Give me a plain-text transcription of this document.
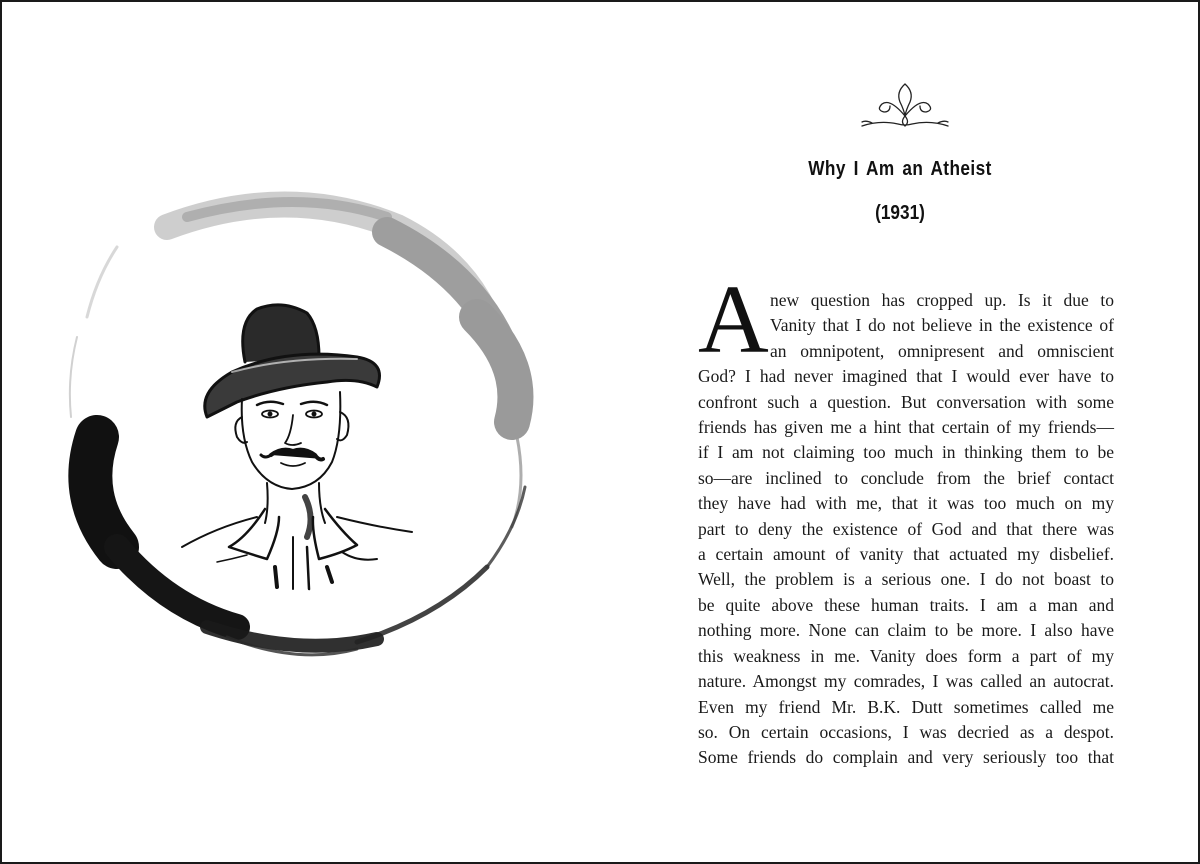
Why I Am an Atheist
(1931)
A new question has cropped up. Is it due to
Vanity that I do not believe in the existence of
an omnipotent, omnipresent and omniscient
God? I had never imagined that I would ever have to
confront such a question. But conversation with some
friends has given me a hint that certain of my friends—
if I am not claiming too much in thinking them to be
so—are inclined to conclude from the brief contact
they have had with me, that it was too much on my
part to deny the existence of God and that there was
a certain amount of vanity that actuated my disbelief.
Well, the problem is a serious one. I do not boast to
be quite above these human traits. I am a man and
nothing more. None can claim to be more. I also have
this weakness in me. Vanity does form a part of my
nature. Amongst my comrades, I was called an autocrat.
Even my friend Mr. B.K. Dutt sometimes called me
so. On certain occasions, I was decried as a despot.
Some friends do complain and very seriously too that
